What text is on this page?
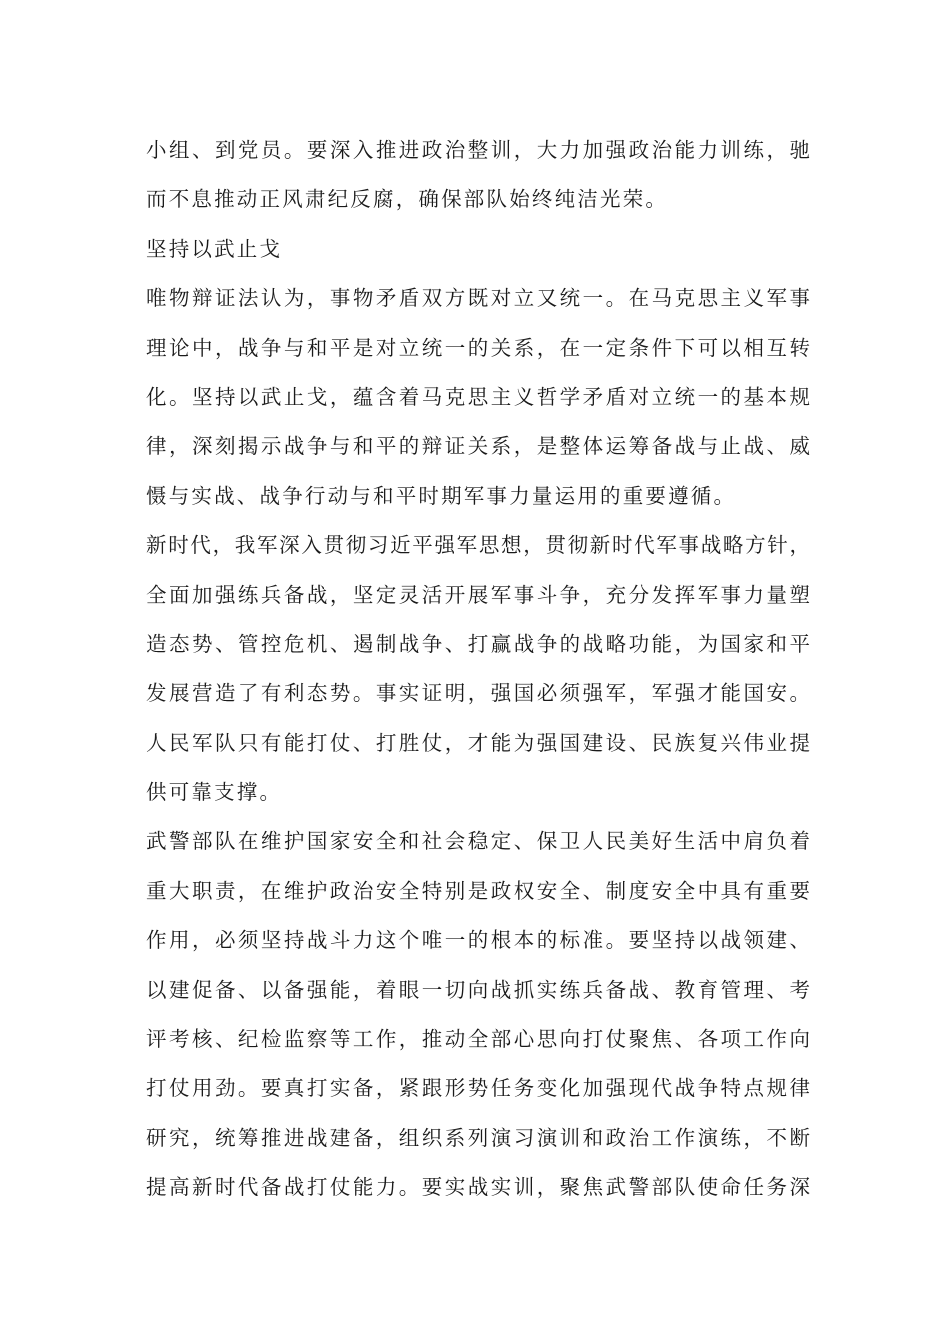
小组、到党员。要深入推进政治整训，大力加强政治能力训练，驰
而不息推动正风肃纪反腐，确保部队始终纯洁光荣。
坚持以武止戈
唯物辩证法认为，事物矛盾双方既对立又统一。在马克思主义军事
理论中，战争与和平是对立统一的关系，在一定条件下可以相互转
化。坚持以武止戈，蕴含着马克思主义哲学矛盾对立统一的基本规
律，深刻揭示战争与和平的辩证关系，是整体运筹备战与止战、威
慑与实战、战争行动与和平时期军事力量运用的重要遵循。
新时代，我军深入贯彻习近平强军思想，贯彻新时代军事战略方针，
全面加强练兵备战，坚定灵活开展军事斗争，充分发挥军事力量塑
造态势、管控危机、遏制战争、打赢战争的战略功能，为国家和平
发展营造了有利态势。事实证明，强国必须强军，军强才能国安。
人民军队只有能打仗、打胜仗，才能为强国建设、民族复兴伟业提
供可靠支撑。
武警部队在维护国家安全和社会稳定、保卫人民美好生活中肩负着
重大职责，在维护政治安全特别是政权安全、制度安全中具有重要
作用，必须坚持战斗力这个唯一的根本的标准。要坚持以战领建、
以建促备、以备强能，着眼一切向战抓实练兵备战、教育管理、考
评考核、纪检监察等工作，推动全部心思向打仗聚焦、各项工作向
打仗用劲。要真打实备，紧跟形势任务变化加强现代战争特点规律
研究，统筹推进战建备，组织系列演习演训和政治工作演练，不断
提高新时代备战打仗能力。要实战实训，聚焦武警部队使命任务深
